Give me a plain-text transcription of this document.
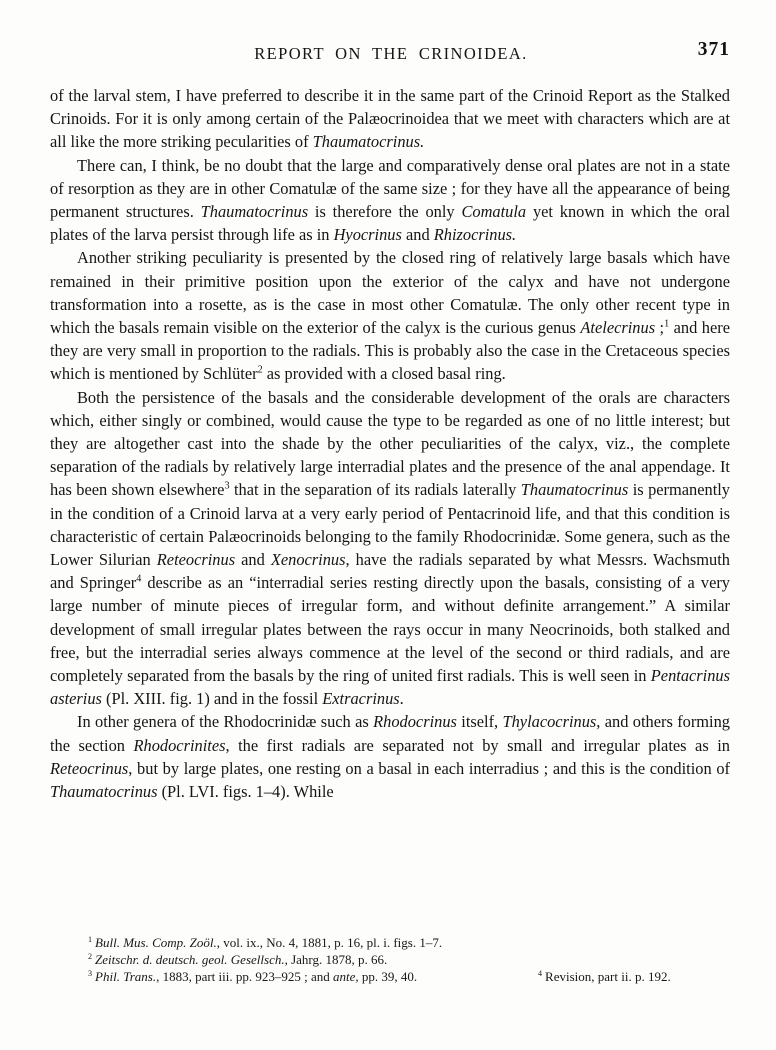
REPORT ON THE CRINOIDEA.	371

of the larval stem, I have preferred to describe it in the same part of the Crinoid Report as the Stalked Crinoids. For it is only among certain of the Palæocrinoidea that we meet with characters which are at all like the more striking pecularities of Thaumatocrinus.

There can, I think, be no doubt that the large and comparatively dense oral plates are not in a state of resorption as they are in other Comatulæ of the same size ; for they have all the appearance of being permanent structures. Thaumatocrinus is therefore the only Comatula yet known in which the oral plates of the larva persist through life as in Hyocrinus and Rhizocrinus.

Another striking peculiarity is presented by the closed ring of relatively large basals which have remained in their primitive position upon the exterior of the calyx and have not undergone transformation into a rosette, as is the case in most other Comatulæ. The only other recent type in which the basals remain visible on the exterior of the calyx is the curious genus Atelecrinus ;$^1$ and here they are very small in proportion to the radials. This is probably also the case in the Cretaceous species which is mentioned by Schlüter$^2$ as provided with a closed basal ring.

Both the persistence of the basals and the considerable development of the orals are characters which, either singly or combined, would cause the type to be regarded as one of no little interest; but they are altogether cast into the shade by the other peculiarities of the calyx, viz., the complete separation of the radials by relatively large interradial plates and the presence of the anal appendage. It has been shown elsewhere$^3$ that in the separation of its radials laterally Thaumatocrinus is permanently in the condition of a Crinoid larva at a very early period of Pentacrinoid life, and that this condition is characteristic of certain Palæocrinoids belonging to the family Rhodocrinidæ. Some genera, such as the Lower Silurian Reteocrinus and Xenocrinus, have the radials separated by what Messrs. Wachsmuth and Springer$^4$ describe as an “interradial series resting directly upon the basals, consisting of a very large number of minute pieces of irregular form, and without definite arrangement.” A similar development of small irregular plates between the rays occur in many Neocrinoids, both stalked and free, but the interradial series always commence at the level of the second or third radials, and are completely separated from the basals by the ring of united first radials. This is well seen in Pentacrinus asterius (Pl. XIII. fig. 1) and in the fossil Extracrinus.

In other genera of the Rhodocrinidæ such as Rhodocrinus itself, Thylacocrinus, and others forming the section Rhodocrinites, the first radials are separated not by small and irregular plates as in Reteocrinus, but by large plates, one resting on a basal in each interradius ; and this is the condition of Thaumatocrinus (Pl. LVI. figs. 1–4). While

$^1$ Bull. Mus. Comp. Zoöl., vol. ix., No. 4, 1881, p. 16, pl. i. figs. 1–7.
$^2$ Zeitschr. d. deutsch. geol. Gesellsch., Jahrg. 1878, p. 66.
$^3$ Phil. Trans., 1883, part iii. pp. 923–925 ; and ante, pp. 39, 40.	$^4$ Revision, part ii. p. 192.
